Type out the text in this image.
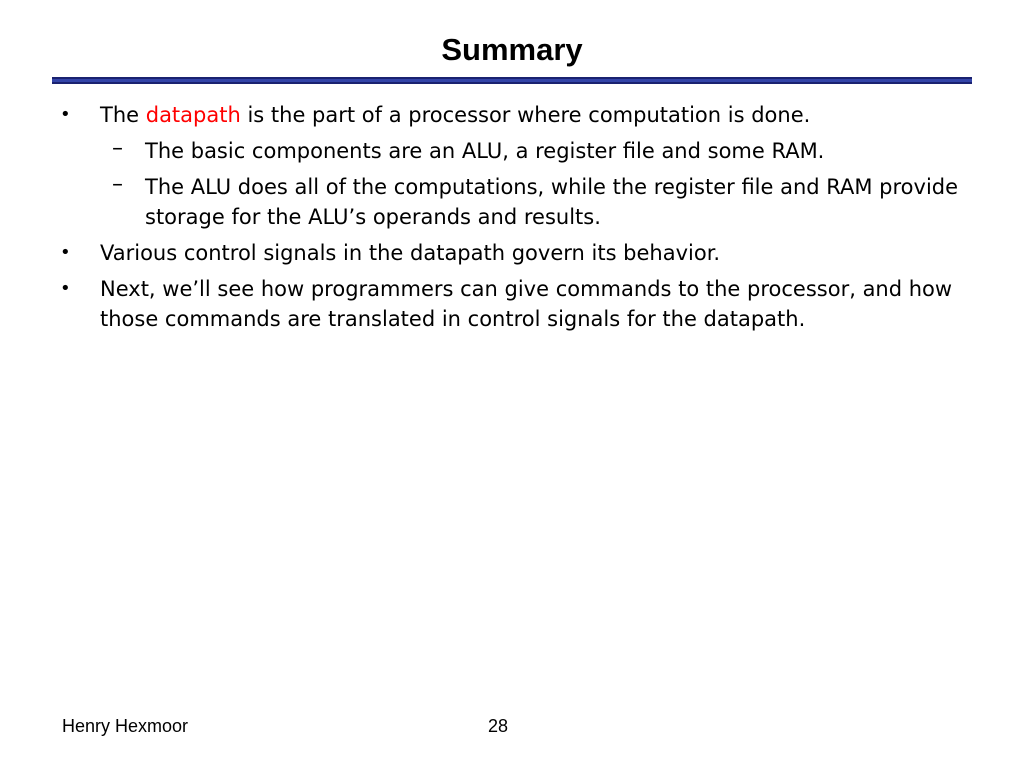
Summary
•	The datapath is the part of a processor where computation is done.
– The basic components are an ALU, a register file and some RAM.
– The ALU does all of the computations, while the register file and RAM provide storage for the ALU’s operands and results.
•	Various control signals in the datapath govern its behavior.
•	Next, we’ll see how programmers can give commands to the processor, and how those commands are translated in control signals for the datapath.
Henry Hexmoor	28
